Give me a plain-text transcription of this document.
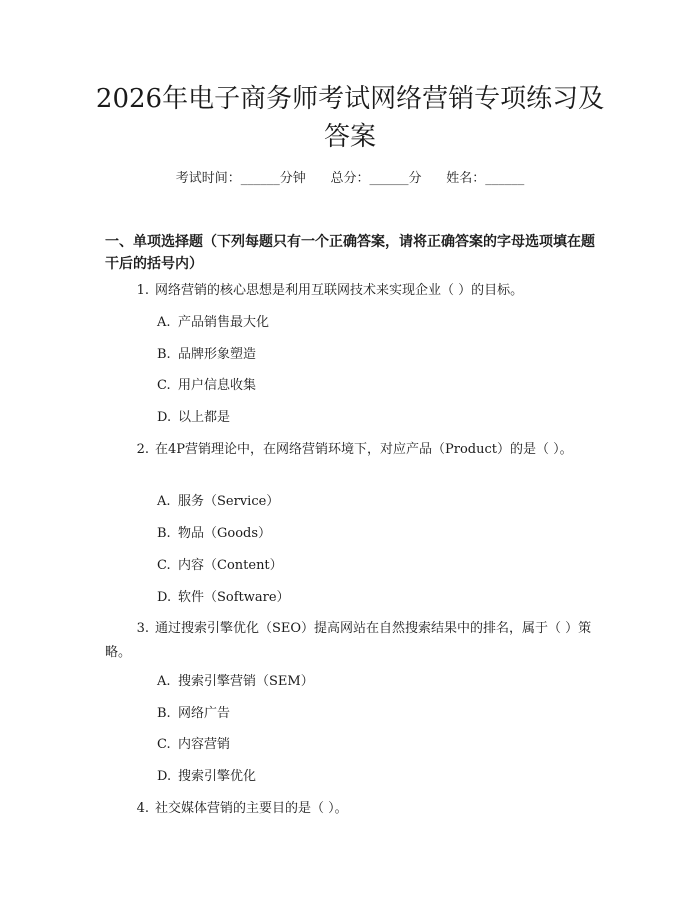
2026年电子商务师考试网络营销专项练习及答案
考试时间：______分钟      总分：______分      姓名：______
一、单项选择题（下列每题只有一个正确答案，请将正确答案的字母选项填在题干后的括号内）
1. 网络营销的核心思想是利用互联网技术来实现企业（ ）的目标。
A. 产品销售最大化
B. 品牌形象塑造
C. 用户信息收集
D. 以上都是
2. 在4P营销理论中，在网络营销环境下，对应产品（Product）的是（ ）。
A. 服务（Service）
B. 物品（Goods）
C. 内容（Content）
D. 软件（Software）
3. 通过搜索引擎优化（SEO）提高网站在自然搜索结果中的排名，属于（ ）策略。
A. 搜索引擎营销（SEM）
B. 网络广告
C. 内容营销
D. 搜索引擎优化
4. 社交媒体营销的主要目的是（ ）。
